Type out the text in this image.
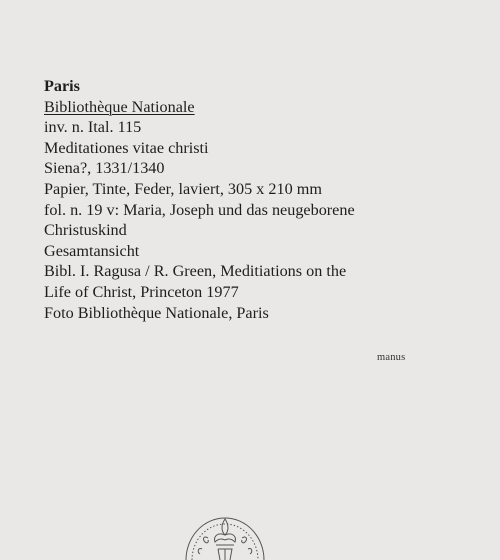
Paris
Bibliothèque Nationale
inv. n. Ital. 115
Meditationes vitae christi
Siena?, 1331/1340
Papier, Tinte, Feder, laviert, 305 x 210 mm
fol. n. 19 v: Maria, Joseph und das neugeborene
Christuskind
Gesamtansicht
Bibl. I. Ragusa / R. Green, Meditiations on the
Life of Christ, Princeton 1977
Foto Bibliothèque Nationale, Paris
manus
